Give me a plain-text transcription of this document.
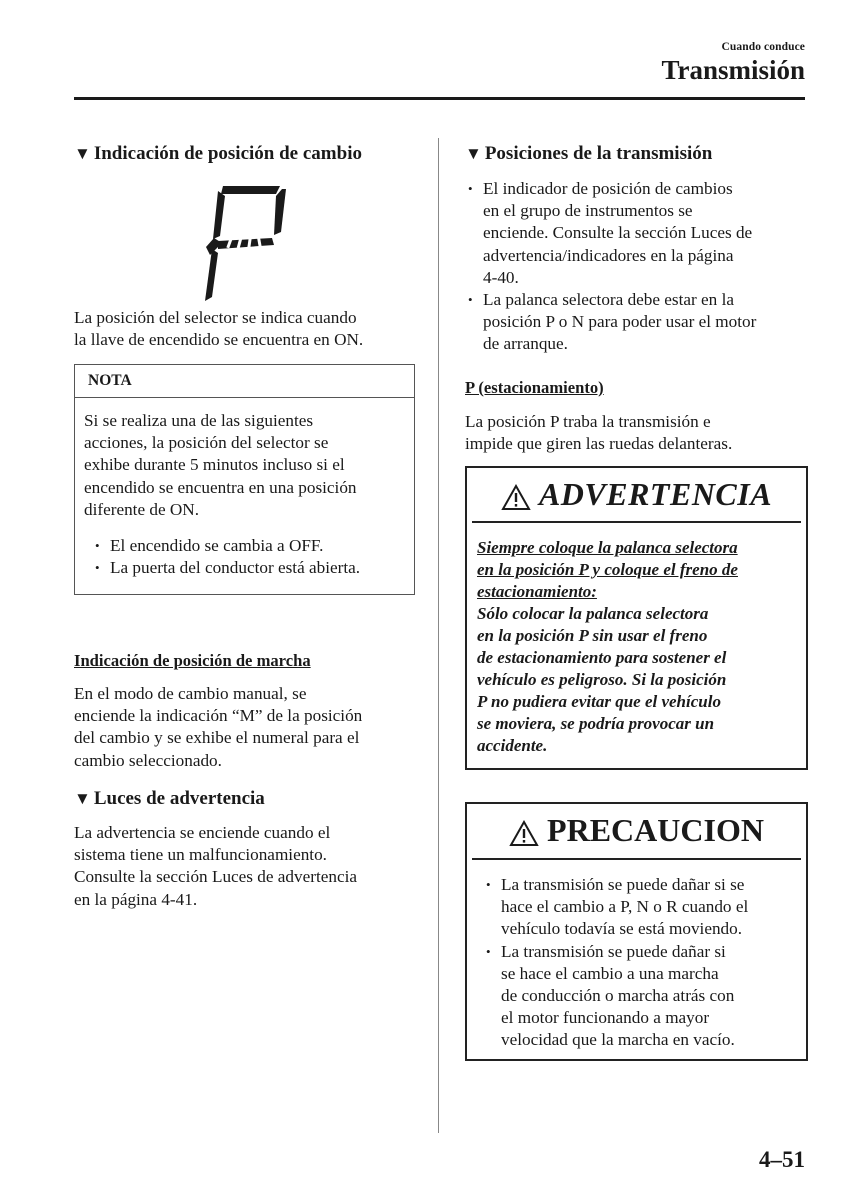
Cuando conduce
Transmisión
▼ Indicación de posición de cambio
La posición del selector se indica cuando
la llave de encendido se encuentra en ON.
NOTA
Si se realiza una de las siguientes
acciones, la posición del selector se
exhibe durante 5 minutos incluso si el
encendido se encuentra en una posición
diferente de ON.
• El encendido se cambia a OFF.
• La puerta del conductor está abierta.
Indicación de posición de marcha
En el modo de cambio manual, se
enciende la indicación “M” de la posición
del cambio y se exhibe el numeral para el
cambio seleccionado.
▼ Luces de advertencia
La advertencia se enciende cuando el
sistema tiene un malfuncionamiento.
Consulte la sección Luces de advertencia
en la página 4-41.
▼ Posiciones de la transmisión
• El indicador de posición de cambios
en el grupo de instrumentos se
enciende. Consulte la sección Luces de
advertencia/indicadores en la página
4-40.
• La palanca selectora debe estar en la
posición P o N para poder usar el motor
de arranque.
P (estacionamiento)
La posición P traba la transmisión e
impide que giren las ruedas delanteras.
ADVERTENCIA
Siempre coloque la palanca selectora
en la posición P y coloque el freno de
estacionamiento:
Sólo colocar la palanca selectora
en la posición P sin usar el freno
de estacionamiento para sostener el
vehículo es peligroso. Si la posición
P no pudiera evitar que el vehículo
se moviera, se podría provocar un
accidente.
PRECAUCION
• La transmisión se puede dañar si se
hace el cambio a P, N o R cuando el
vehículo todavía se está moviendo.
• La transmisión se puede dañar si
se hace el cambio a una marcha
de conducción o marcha atrás con
el motor funcionando a mayor
velocidad que la marcha en vacío.
4–51
